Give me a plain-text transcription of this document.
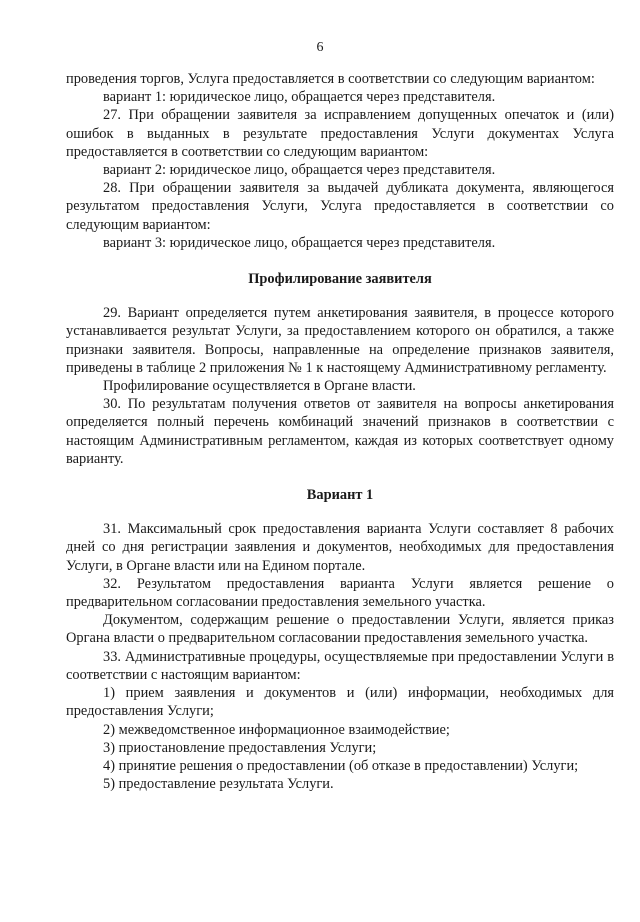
6

проведения торгов, Услуга предоставляется в соответствии со следующим вариантом:

вариант 1: юридическое лицо, обращается через представителя.

27. При обращении заявителя за исправлением допущенных опечаток и (или) ошибок в выданных в результате предоставления Услуги документах Услуга предоставляется в соответствии со следующим вариантом:

вариант 2: юридическое лицо, обращается через представителя.

28. При обращении заявителя за выдачей дубликата документа, являющегося результатом предоставления Услуги, Услуга предоставляется в соответствии со следующим вариантом:

вариант 3: юридическое лицо, обращается через представителя.

Профилирование заявителя

29. Вариант определяется путем анкетирования заявителя, в процессе которого устанавливается результат Услуги, за предоставлением которого он обратился, а также признаки заявителя. Вопросы, направленные на определение признаков заявителя, приведены в таблице 2 приложения № 1 к настоящему Административному регламенту.

Профилирование осуществляется в Органе власти.

30. По результатам получения ответов от заявителя на вопросы анкетирования определяется полный перечень комбинаций значений признаков в соответствии с настоящим Административным регламентом, каждая из которых соответствует одному варианту.

Вариант 1

31. Максимальный срок предоставления варианта Услуги составляет 8 рабочих дней со дня регистрации заявления и документов, необходимых для предоставления Услуги, в Органе власти или на Едином портале.

32. Результатом предоставления варианта Услуги является решение о предварительном согласовании предоставления земельного участка.

Документом, содержащим решение о предоставлении Услуги, является приказ Органа власти о предварительном согласовании предоставления земельного участка.

33. Административные процедуры, осуществляемые при предоставлении Услуги в соответствии с настоящим вариантом:

1) прием заявления и документов и (или) информации, необходимых для предоставления Услуги;

2) межведомственное информационное взаимодействие;

3) приостановление предоставления Услуги;

4) принятие решения о предоставлении (об отказе в предоставлении) Услуги;

5) предоставление результата Услуги.
